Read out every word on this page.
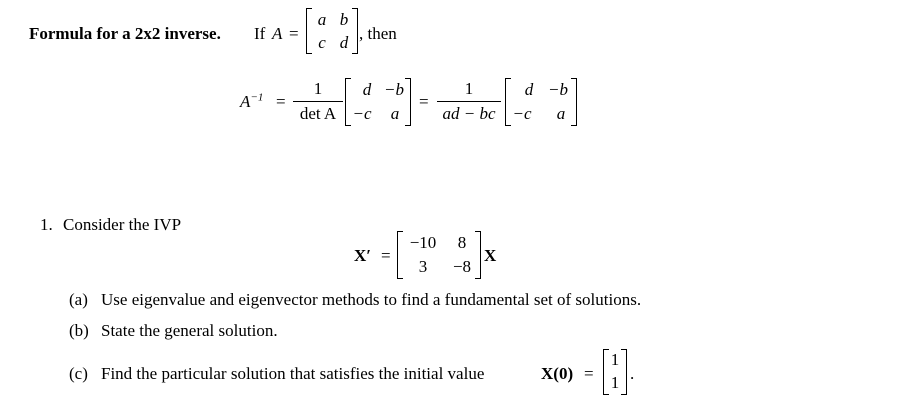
Formula for a 2x2 inverse. If A =
a b
c d , then
$A^{-1}$ =
1
det A
d −b
−c	a
=
1
ad − bc
d −b
−c	a
1. Consider the IVP
X′ =
−10	8
3	−8
X
(a) Use eigenvalue and eigenvector methods to find a fundamental set of solutions.
(b) State the general solution.
(c) Find the particular solution that satisfies the initial value	X(0) =
1
1 .
